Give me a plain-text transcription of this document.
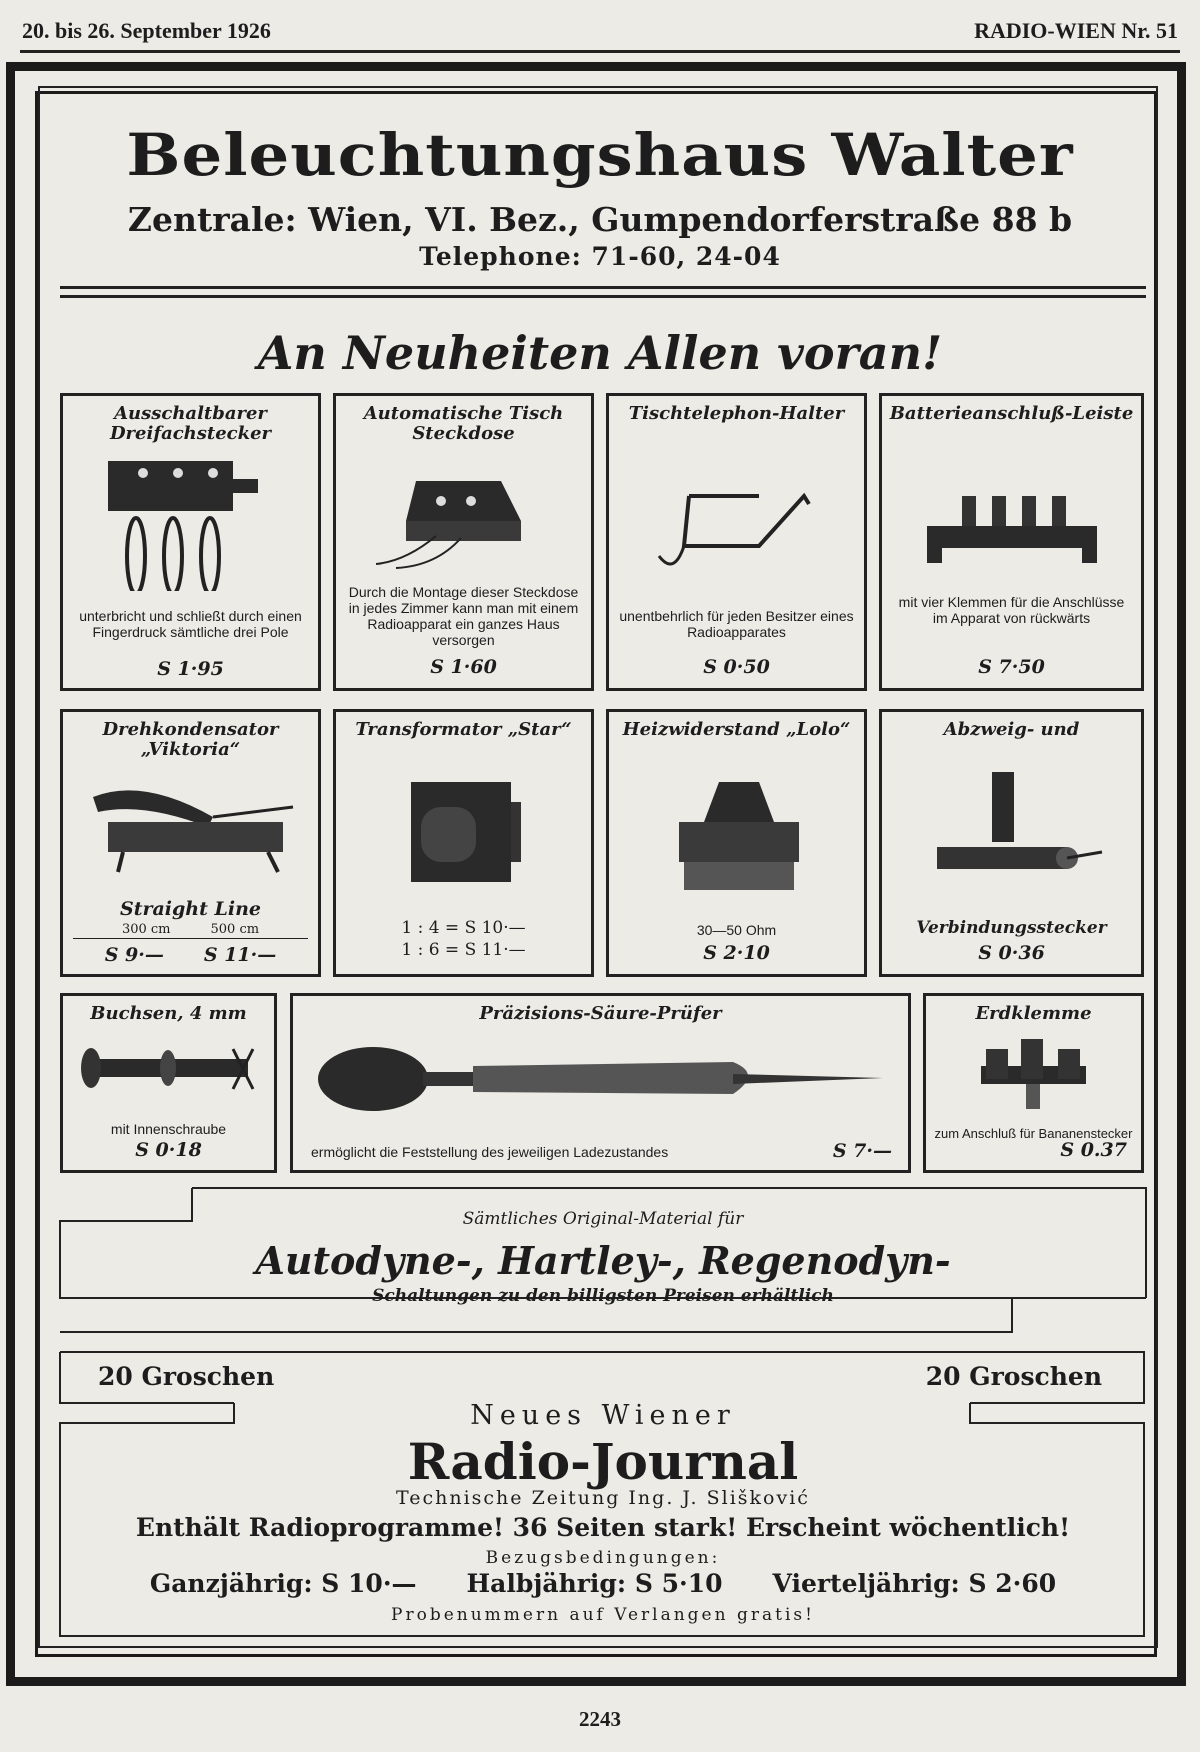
20. bis 26. September 1926	RADIO-WIEN Nr. 51
Beleuchtungshaus Walter
Zentrale: Wien, VI. Bez., Gumpendorferstraße 88 b
Telephone: 71-60, 24-04
An Neuheiten Allen voran!
Ausschaltbarer Dreifachstecker
unterbricht und schließt durch einen Fingerdruck sämtliche drei Pole
S 1·95
Automatische Tisch Steckdose
Durch die Montage dieser Steckdose in jedes Zimmer kann man mit einem Radioapparat ein ganzes Haus versorgen
S 1·60
Tischtelephon-Halter
unentbehrlich für jeden Besitzer eines Radioapparates
S 0·50
Batterieanschluß-Leiste
mit vier Klemmen für die Anschlüsse im Apparat von rückwärts
S 7·50
Drehkondensator „Viktoria“
Straight Line
300 cm	500 cm
S 9·— S 11·—
Transformator „Star“
1 : 4 = S 10·—
1 : 6 = S 11·—
Heizwiderstand „Lolo“
30—50 Ohm
S 2·10
Abzweig- und
Verbindungsstecker
S 0·36
Buchsen, 4 mm
mit Innenschraube
S 0·18
Präzisions-Säure-Prüfer
ermöglicht die Feststellung des jeweiligen Ladezustandes	S 7·—
Erdklemme
zum Anschluß für Bananenstecker
S 0.37
Sämtliches Original-Material für
Autodyne-, Hartley-, Regenodyn-
Schaltungen zu den billigsten Preisen erhältlich
20 Groschen	20 Groschen
Neues Wiener
Radio-Journal
Technische Zeitung Ing. J. Slišković
Enthält Radioprogramme! 36 Seiten stark! Erscheint wöchentlich!
Bezugsbedingungen:
Ganzjährig: S 10·— Halbjährig: S 5·10 Vierteljährig: S 2·60
Probenummern auf Verlangen gratis!
2243
